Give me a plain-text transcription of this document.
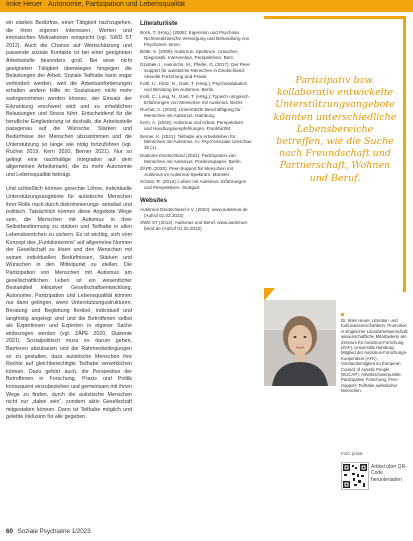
Imke Heuer · Autonomie, Partizipation und Lebensqualität

ein starkes Bedürfnis, einer Tätigkeit nachzugehen, die ihren eigenen Interessen, Werten und intrinsischen Motivationen entspricht (vgl. SWD ST 2012). Auch die Chance auf Wertschätzung und passende soziale Kontakte ist bei einer geeigneten Arbeitsstelle besonders groß. Bei einer nicht geeigneten Tätigkeit überwiegen hingegen die Belastungen der Arbeit. Soziale Teilhabe kann sogar verhindert werden, weil die Arbeitsanforderungen erhalten andere Hilfe im Sozialraum nicht mehr wahrgenommen werden können, der Einsatz der Erkrankung erschwert wird und zu erheblichen Belastungen und Stress führt. Entscheidend für die berufliche Eingliederung ist deshalb, die Arbeitsstelle passgenau auf die Wünsche, Stärken und Bedürfnisse der Menschen abzustimmen und die Unterstützung so lange wie nötig fortzuführen (vgl. Ruchet 2019, Kern 2020, Berner 2021). Nur so gelingt eine nachhaltige Integration auf dem allgemeinen Arbeitsmarkt, die zu mehr Autonomie und Lebensqualität beiträgt.

Und schließlich können gerechte Löhne, individuelle Unterstützungsangebote für autistische Menschen ihrer Rolle nach durch diskriminierungs- sensibel und politisch. Tatsächlich können diese Angebote Wege sein, die Menschen mit Autismus in ihrer Selbstbestimmung zu stärken und Teilhabe in allen Lebensbereichen zu sichern. Es ist wichtig, sich vom Konzept des „Funktionierens“ auf allgemeine Normen der Gesellschaft zu lösen und den Menschen mit seinen individuellen Bedürfnissen, Stärken und Wünschen in den Mittelpunkt zu stellen. Die Partizipation von Menschen mit Autismus am gesellschaftlichen Leben ist ein wesentlicher Bestandteil inklusiver Gesellschaftsentwicklung. Autonomie, Partizipation und Lebensqualität können nur dann gelingen, wenn Unterstützungsstrukturen, Beratung und Begleitung flexibel, individuell und langfristig angelegt sind und die Betroffenen selbst als Expertinnen und Experten in eigener Sache einbezogen werden (vgl. ZÄPE 2020, Diakonie 2021). Sozialpolitisch muss es darum gehen, Barrieren abzubauen und die Rahmenbedingungen so zu gestalten, dass autistische Menschen ihre Rechte auf gleichberechtigte Teilhabe verwirklichen können. Dazu gehört auch, die Perspektive der Betroffenen in Forschung, Praxis und Politik konsequent einzubeziehen und gemeinsam mit ihnen Wege zu finden, durch die autistische Menschen nicht nur „dabei sein“, sondern aktiv Gesellschaft mitgestalten können. Dann ist Teilhabe möglich und gelebte Inklusion für alle gegeben.

Literaturliste
Bock, T. (Hrsg.) (2008): Eigensinn und Psychose. Nichtmedizinische Versorgung und Behandlung von Psychosen. Bonn.
Bölte, S. (2009): Autismus. Spektrum, Ursachen, Diagnostik, Intervention, Perspektiven. Bern.
Dziobek, I., Heinrichs, M., Pfeifer, G. (2017): Der Peer-Support für autistische Menschen in Deutschland. Aktuelle Forschung und Praxis.
Kohl, C., Klotz, N., Gast, T. (Hrsg.): Psychoedukation und Beratung bei Autismus. Berlin.
Kohl, C., Lang, N., Gast, T. (Hrsg.): Typisch untypisch. Erfahrungen von Menschen mit Autismus. Berlin.
Ruchet, C. (2019): Unterstützte Beschäftigung für Menschen mit Autismus. Hamburg.
Kern, A. (2020): Autismus und Arbeit. Perspektiven und Handlungsempfehlungen. Frankfurt/M.
Berner, K. (2021): Teilhabe am Arbeitsleben für Menschen mit Autismus. In: Psychosoziale Umschau 36 (1).
Diakonie Deutschland (2021): Partizipation von Menschen mit Autismus. Positionspapier. Berlin.
ZÄPE (2020): Peer-Support für Menschen mit Autismus im Autismus-Spektrum. Münster.
Schütz, R. (2016): Leben mit Autismus. Erfahrungen und Perspektiven. Stuttgart.
Websites
Autismus Deutschland e.V. (2022): www.autismus.de (Aufruf 01.02.2022)
SWD ST (2012): Autismus und Beruf. www.autismus-beruf.de (Aufruf 01.02.2022)
Partizipativ bzw. kollaborativ entwickelte Unterstützungsangebote könnten unterschiedliche Lebensbereiche betreffen, wie die Suche nach Freundschaft und Partnerschaft, Wohnen und Beruf.
Dr. Imke Heuer, Literatur- und Kulturwissenschaftlerin, Promotion in Englischer Literaturwissenschaft; wissenschaftliche Mitarbeiterin am Zentrum für Autismus-Forschung (ZAF), Universität Hamburg; Mitglied der Autismus-Forschungs-Kooperation (AFK), Vorstandsmitglied im European Council of Autistic People (EUCAP). Arbeitsschwerpunkte: Partizipative Forschung, Peer-Support, Teilhabe autistischer Menschen.
Foto: privat
Artikel über QR-Code herunterladen
60 Soziale Psychiatrie 1/2023
